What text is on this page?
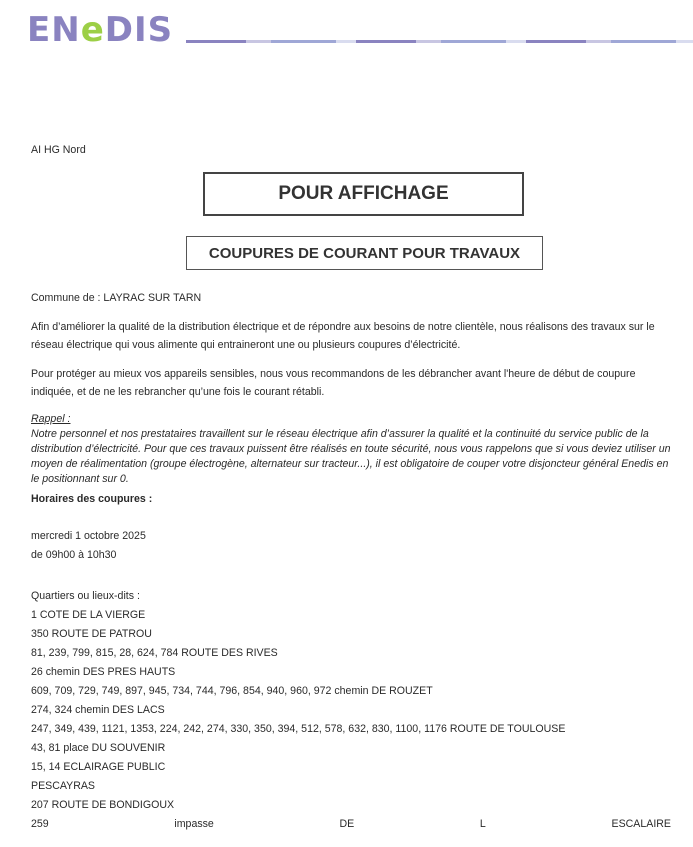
ENeDIS
AI HG Nord
POUR AFFICHAGE
COUPURES DE COURANT POUR TRAVAUX
Commune de : LAYRAC SUR TARN
Afin d’améliorer la qualité de la distribution électrique et de répondre aux besoins de notre clientèle, nous réalisons des travaux sur le réseau électrique qui vous alimente qui entraineront une ou plusieurs coupures d’électricité.
Pour protéger au mieux vos appareils sensibles, nous vous recommandons de les débrancher avant l'heure de début de coupure indiquée, et de ne les rebrancher qu’une fois le courant rétabli.
Rappel :
Notre personnel et nos prestataires travaillent sur le réseau électrique afin d’assurer la qualité et la continuité du service public de la distribution d’électricité. Pour que ces travaux puissent être réalisés en toute sécurité, nous vous rappelons que si vous deviez utiliser un moyen de réalimentation (groupe électrogène, alternateur sur tracteur...), il est obligatoire de couper votre disjoncteur général Enedis en le positionnant sur 0.
Horaires des coupures :
mercredi 1 octobre 2025
de 09h00 à 10h30
Quartiers ou lieux-dits :
1 COTE DE LA VIERGE
350 ROUTE DE PATROU
81, 239, 799, 815, 28, 624, 784 ROUTE DES RIVES
26 chemin DES PRES HAUTS
609, 709, 729, 749, 897, 945, 734, 744, 796, 854, 940, 960, 972 chemin DE ROUZET
274, 324 chemin DES LACS
247, 349, 439, 1121, 1353, 224, 242, 274, 330, 350, 394, 512, 578, 632, 830, 1100, 1176 ROUTE DE TOULOUSE
43, 81 place DU SOUVENIR
15, 14 ECLAIRAGE PUBLIC
PESCAYRAS
207 ROUTE DE BONDIGOUX
259	impasse	DE	L	ESCALAIRE
